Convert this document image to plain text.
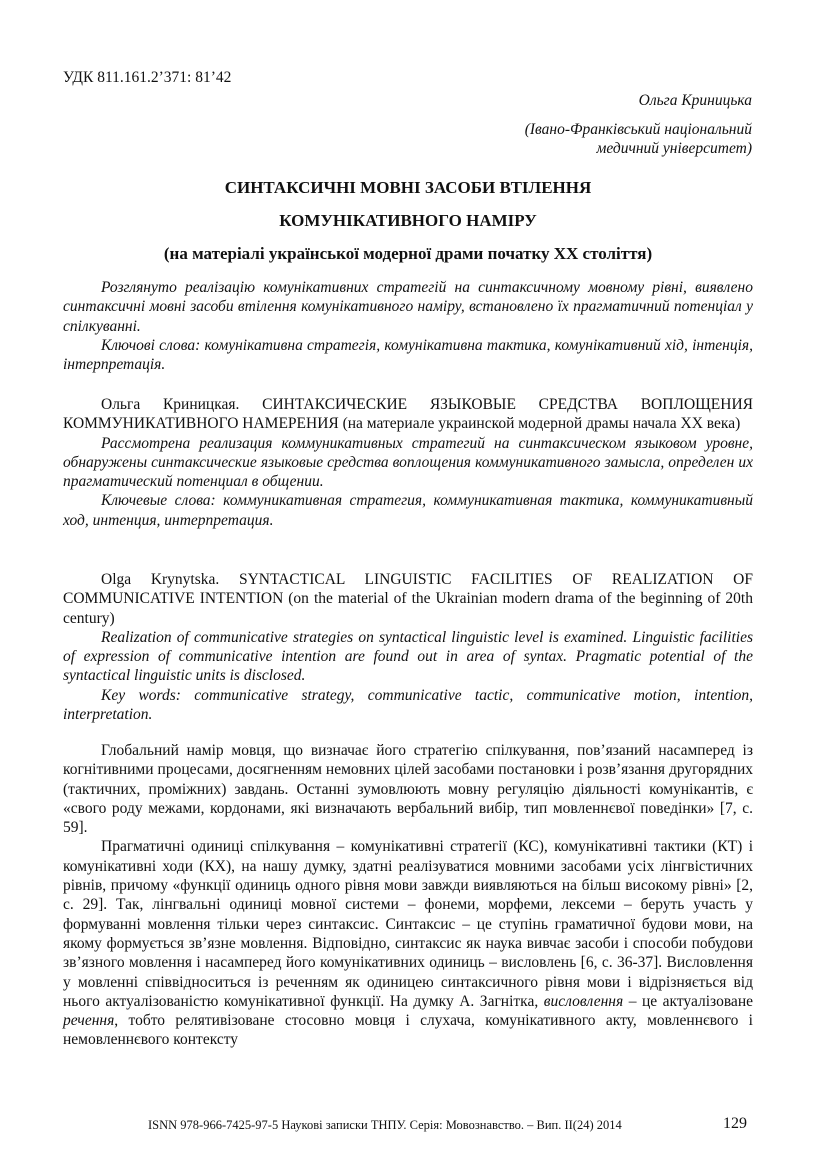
УДК 811.161.2’371: 81’42
Ольга Криницька
(Івано-Франківський національний
медичний університет)
СИНТАКСИЧНІ МОВНІ ЗАСОБИ ВТІЛЕННЯ
КОМУНІКАТИВНОГО НАМІРУ
(на матеріалі української модерної драми початку ХХ століття)

Розглянуто реалізацію комунікативних стратегій на синтаксичному мовному рівні, виявлено синтаксичні мовні засоби втілення комунікативного наміру, встановлено їх прагматичний потенціал у спілкуванні.

Ключові слова: комунікативна стратегія, комунікативна тактика, комунікативний хід, інтенція, інтерпретація.

Ольга Криницкая. СИНТАКСИЧЕСКИЕ ЯЗЫКОВЫЕ СРЕДСТВА ВОПЛОЩЕНИЯ КОММУНИКАТИВНОГО НАМЕРЕНИЯ (на материале украинской модерной драмы начала ХХ века)

Рассмотрена реализация коммуникативных стратегий на синтаксическом языковом уровне, обнаружены синтаксические языковые средства воплощения коммуникативного замысла, определен их прагматический потенциал в общении.

Ключевые слова: коммуникативная стратегия, коммуникативная тактика, коммуникативный ход, интенция, интерпретация.

Olga Krynytska. SYNTACTICAL LINGUISTIC FACILITIES OF REALIZATION OF COMMUNICATIVE INTENTION (on the material of the Ukrainian modern drama of the beginning of 20th century)

Realization of communicative strategies on syntactical linguistic level is examined. Linguistic facilities of expression of communicative intention are found out in area of syntax. Pragmatic potential of the syntactical linguistic units is disclosed.

Key words: communicative strategy, communicative tactic, communicative motion, intention, interpretation.

Глобальний намір мовця, що визначає його стратегію спілкування, пов’язаний насамперед із когнітивними процесами, досягненням немовних цілей засобами постановки і розв’язання другорядних (тактичних, проміжних) завдань. Останні зумовлюють мовну регуляцію діяльності комунікантів, є «свого роду межами, кордонами, які визначають вербальний вибір, тип мовленнєвої поведінки» [7, с. 59].

Прагматичні одиниці спілкування – комунікативні стратегії (КС), комунікативні тактики (КТ) і комунікативні ходи (КХ), на нашу думку, здатні реалізуватися мовними засобами усіх лінгвістичних рівнів, причому «функції одиниць одного рівня мови завжди виявляються на більш високому рівні» [2, с. 29]. Так, лінгвальні одиниці мовної системи – фонеми, морфеми, лексеми – беруть участь у формуванні мовлення тільки через синтаксис. Синтаксис – це ступінь граматичної будови мови, на якому формується зв’язне мовлення. Відповідно, синтаксис як наука вивчає засоби і способи побудови зв’язного мовлення і насамперед його комунікативних одиниць – висловлень [6, с. 36-37]. Висловлення у мовленні співвідноситься із реченням як одиницею синтаксичного рівня мови і відрізняється від нього актуалізованістю комунікативної функції. На думку А. Загнітка, висловлення – це актуалізоване речення, тобто релятивізоване стосовно мовця і слухача, комунікативного акту, мовленнєвого і немовленнєвого контексту

ISNN 978-966-7425-97-5 Наукові записки ТНПУ. Серія: Мовознавство. – Вип. ІІ(24) 2014	129
